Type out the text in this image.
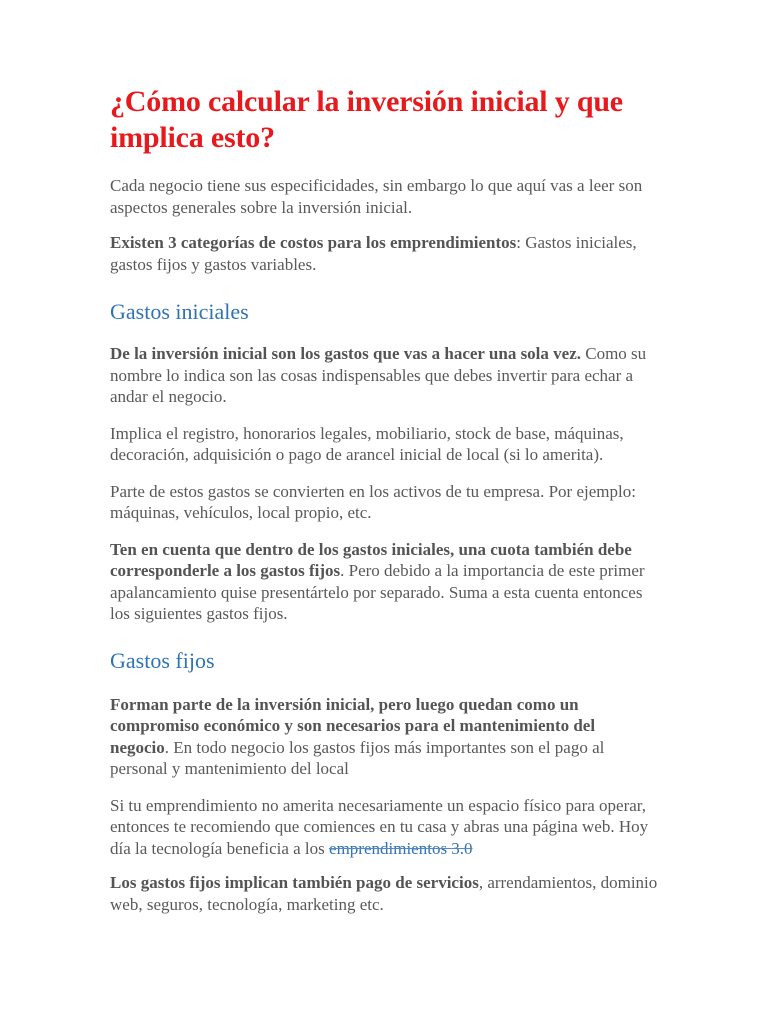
¿Cómo calcular la inversión inicial y que implica esto?

Cada negocio tiene sus especificidades, sin embargo lo que aquí vas a leer son aspectos generales sobre la inversión inicial.

Existen 3 categorías de costos para los emprendimientos: Gastos iniciales, gastos fijos y gastos variables.

Gastos iniciales

De la inversión inicial son los gastos que vas a hacer una sola vez. Como su nombre lo indica son las cosas indispensables que debes invertir para echar a andar el negocio.

Implica el registro, honorarios legales, mobiliario, stock de base, máquinas, decoración, adquisición o pago de arancel inicial de local (si lo amerita).

Parte de estos gastos se convierten en los activos de tu empresa. Por ejemplo: máquinas, vehículos, local propio, etc.

Ten en cuenta que dentro de los gastos iniciales, una cuota también debe corresponderle a los gastos fijos. Pero debido a la importancia de este primer apalancamiento quise presentártelo por separado. Suma a esta cuenta entonces los siguientes gastos fijos.

Gastos fijos

Forman parte de la inversión inicial, pero luego quedan como un compromiso económico y son necesarios para el mantenimiento del negocio. En todo negocio los gastos fijos más importantes son el pago al personal y mantenimiento del local

Si tu emprendimiento no amerita necesariamente un espacio físico para operar, entonces te recomiendo que comiences en tu casa y abras una página web. Hoy día la tecnología beneficia a los emprendimientos 3.0

Los gastos fijos implican también pago de servicios, arrendamientos, dominio web, seguros, tecnología, marketing etc.
